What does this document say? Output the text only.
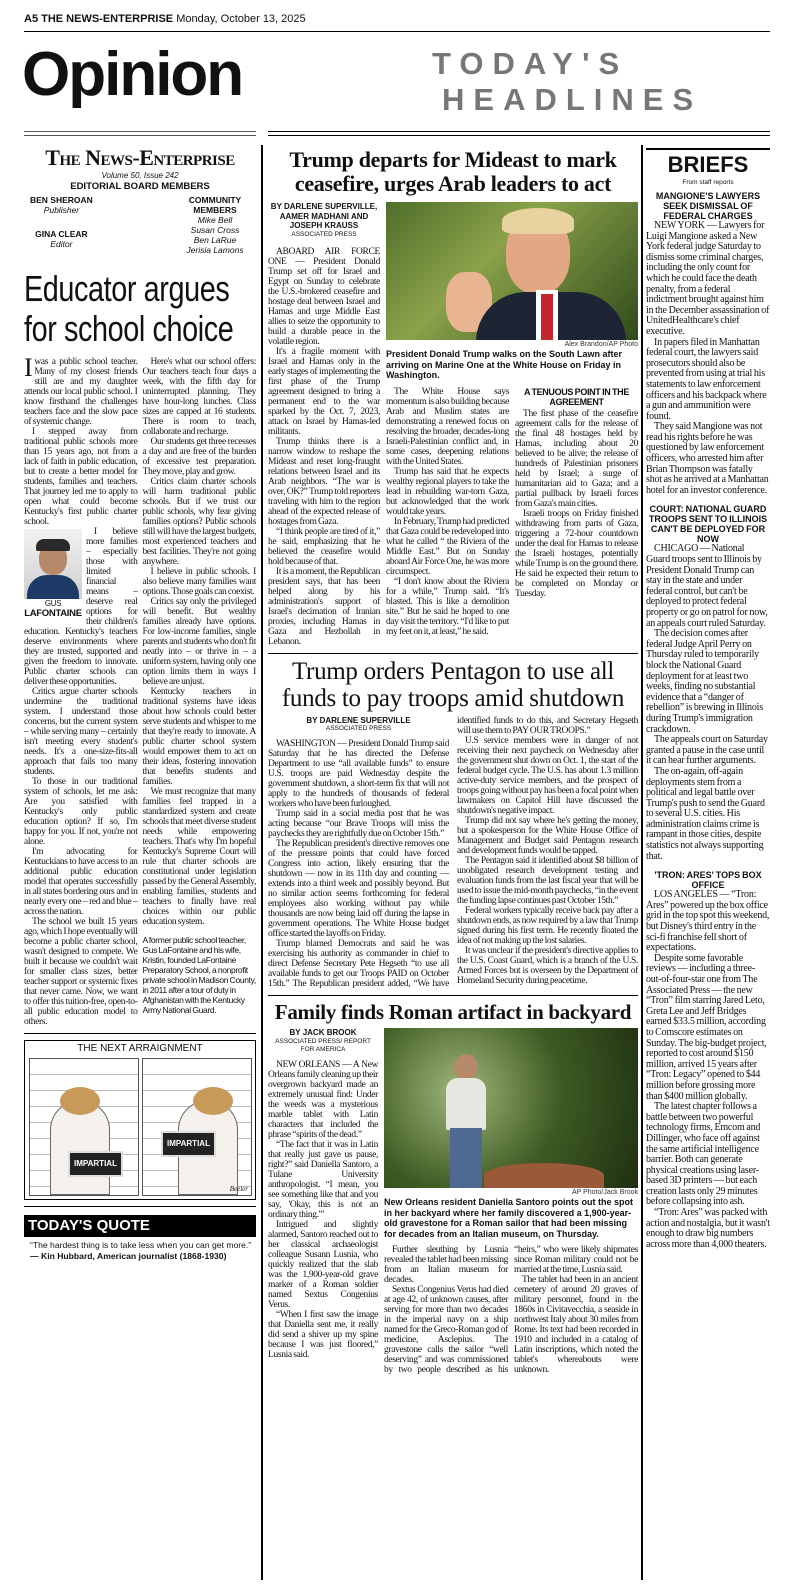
A5 THE NEWS-ENTERPRISE Monday, October 13, 2025
Opinion	TODAY'S
HEADLINES
The News-Enterprise
Volume 50, Issue 242
EDITORIAL BOARD MEMBERS
BEN SHEROAN
Publisher
GINA CLEAR
Editor
COMMUNITY MEMBERS
Mike Bell
Susan Cross
Ben LaRue
Jerisia Lamons
Educator argues for school choice

Iwas a public school teacher. Many of my closest friends still are and my daughter attends our local public school. I know firsthand the challenges teachers face and the slow pace of systemic change.

I stepped away from traditional public schools more than 15 years ago, not from a lack of faith in public education, but to create a better model for students, families and teachers. That journey led me to apply to open what could become Kentucky's first public charter school.

GUS
LAFONTAINE

I believe more families – especially those with limited financial means – deserve real options for their children's education. Kentucky's teachers deserve environments where they are trusted, supported and given the freedom to innovate. Public charter schools can deliver these opportunities.

Critics argue charter schools undermine the traditional system. I understand those concerns, but the current system – while serving many – certainly isn't meeting every student's needs. It's a one-size-fits-all approach that fails too many students.

To those in our traditional system of schools, let me ask: Are you satisfied with Kentucky's only public education option? If so, I'm happy for you. If not, you're not alone.

I'm advocating for Kentuckians to have access to an additional public education model that operates successfully in all states bordering ours and in nearly every one – red and blue – across the nation.

The school we built 15 years ago, which I hope eventually will become a public charter school, wasn't designed to compete. We built it because we couldn't wait for smaller class sizes, better teacher support or systemic fixes that never came. Now, we want to offer this tuition-free, open-to-all public education model to others.

Here's what our school offers: Our teachers teach four days a week, with the fifth day for uninterrupted planning. They have hour-long lunches. Class sizes are capped at 16 students. There is room to teach, collaborate and recharge.

Our students get three recesses a day and are free of the burden of excessive test preparation. They move, play and grow.

Critics claim charter schools will harm traditional public schools. But if we trust our public schools, why fear giving families options? Public schools still will have the largest budgets, most experienced teachers and best facilities. They're not going anywhere.

I believe in public schools. I also believe many families want options. Those goals can coexist.

Critics say only the privileged will benefit. But wealthy families already have options. For low-income families, single parents and students who don't fit neatly into – or thrive in – a uniform system, having only one option limits them in ways I believe are unjust.

Kentucky teachers in traditional systems have ideas about how schools could better serve students and whisper to me that they're ready to innovate. A public charter school system would empower them to act on their ideas, fostering innovation that benefits students and families.

We must recognize that many families feel trapped in a standardized system and create schools that meet diverse student needs while empowering teachers. That's why I'm hopeful Kentucky's Supreme Court will rule that charter schools are constitutional under legislation passed by the General Assembly, enabling families, students and teachers to finally have real choices within our public education system.

A former public school teacher, Gus LaFontaine and his wife, Kristin, founded LaFontaine Preparatory School, a nonprofit private school in Madison County, in 2011 after a tour of duty in Afghanistan with the Kentucky Army National Guard.

THE NEXT ARRAIGNMENT
IMPARTIAL
IMPARTIAL
Beeler
TODAY'S QUOTE
“The hardest thing is to take less when you can get more.”
— Kin Hubbard, American journalist (1868-1930)
Trump departs for Mideast to mark ceasefire, urges Arab leaders to act
BY DARLENE SUPERVILLE, AAMER MADHANI AND JOSEPH KRAUSS
ASSOCIATED PRESS

ABOARD AIR FORCE ONE — President Donald Trump set off for Israel and Egypt on Sunday to celebrate the U.S.-brokered ceasefire and hostage deal between Israel and Hamas and urge Middle East allies to seize the opportunity to build a durable peace in the volatile region.

It's a fragile moment with Israel and Hamas only in the early stages of implementing the first phase of the Trump agreement designed to bring a permanent end to the war sparked by the Oct. 7, 2023, attack on Israel by Hamas-led militants.

Trump thinks there is a narrow window to reshape the Mideast and reset long-fraught relations between Israel and its Arab neighbors. “The war is over, OK?” Trump told reporters traveling with him to the region ahead of the expected release of hostages from Gaza.

“I think people are tired of it,” he said, emphasizing that he believed the ceasefire would hold because of that.

It is a moment, the Republican president says, that has been helped along by his administration's support of Israel's decimation of Iranian proxies, including Hamas in Gaza and Hezbollah in Lebanon.

Alex Brandon/AP Photo
President Donald Trump walks on the South Lawn after arriving on Marine One at the White House on Friday in Washington.

The White House says momentum is also building because Arab and Muslim states are demonstrating a renewed focus on resolving the broader, decades-long Israeli-Palestinian conflict and, in some cases, deepening relations with the United States.

Trump has said that he expects wealthy regional players to take the lead in rebuilding war-torn Gaza, but acknowledged that the work would take years.

In February, Trump had predicted that Gaza could be redeveloped into what he called “ the Riviera of the Middle East.” But on Sunday aboard Air Force One, he was more circumspect.

“I don't know about the Riviera for a while,” Trump said. “It's blasted. This is like a demolition site.” But he said he hoped to one day visit the territory. “I'd like to put my feet on it, at least,” he said.

A TENUOUS POINT IN THE AGREEMENT

The first phase of the ceasefire agreement calls for the release of the final 48 hostages held by Hamas, including about 20 believed to be alive; the release of hundreds of Palestinian prisoners held by Israel; a surge of humanitarian aid to Gaza; and a partial pullback by Israeli forces from Gaza's main cities.

Israeli troops on Friday finished withdrawing from parts of Gaza, triggering a 72-hour countdown under the deal for Hamas to release the Israeli hostages, potentially while Trump is on the ground there. He said he expected their return to be completed on Monday or Tuesday.

Trump orders Pentagon to use all funds to pay troops amid shutdown
BY DARLENE SUPERVILLE
ASSOCIATED PRESS

WASHINGTON — President Donald Trump said Saturday that he has directed the Defense Department to use “all available funds” to ensure U.S. troops are paid Wednesday despite the government shutdown, a short-term fix that will not apply to the hundreds of thousands of federal workers who have been furloughed.

Trump said in a social media post that he was acting because “our Brave Troops will miss the paychecks they are rightfully due on October 15th.”

The Republican president's directive removes one of the pressure points that could have forced Congress into action, likely ensuring that the shutdown — now in its 11th day and counting — extends into a third week and possibly beyond. But no similar action seems forthcoming for federal employees also working without pay while thousands are now being laid off during the lapse in government operations. The White House budget office started the layoffs on Friday.

Trump blamed Democrats and said he was exercising his authority as commander in chief to direct Defense Secretary Pete Hegseth “to use all available funds to get our Troops PAID on October 15th.” The Republican president added, “We have identified funds to do this, and Secretary Hegseth will use them to PAY OUR TROOPS.”

U.S service members were in danger of not receiving their next paycheck on Wednesday after the government shut down on Oct. 1, the start of the federal budget cycle. The U.S. has about 1.3 million active-duty service members, and the prospect of troops going without pay has been a focal point when lawmakers on Capitol Hill have discussed the shutdown's negative impact.

Trump did not say where he's getting the money, but a spokesperson for the White House Office of Management and Budget said Pentagon research and development funds would be tapped.

The Pentagon said it identified about $8 billion of unobligated research development testing and evaluation funds from the last fiscal year that will be used to issue the mid-month paychecks, “in the event the funding lapse continues past October 15th.”

Federal workers typically receive back pay after a shutdown ends, as now required by a law that Trump signed during his first term. He recently floated the idea of not making up the lost salaries.

It was unclear if the president's directive applies to the U.S. Coast Guard, which is a branch of the U.S. Armed Forces but is overseen by the Department of Homeland Security during peacetime.

Family finds Roman artifact in backyard
BY JACK BROOK
ASSOCIATED PRESS/ REPORT FOR AMERICA

NEW ORLEANS — A New Orleans family cleaning up their overgrown backyard made an extremely unusual find: Under the weeds was a mysterious marble tablet with Latin characters that included the phrase “spirits of the dead.”

“The fact that it was in Latin that really just gave us pause, right?” said Daniella Santoro, a Tulane University anthropologist. “I mean, you see something like that and you say, 'Okay, this is not an ordinary thing.'”

Intrigued and slightly alarmed, Santoro reached out to her classical archaeologist colleague Susann Lusnia, who quickly realized that the slab was the 1,900-year-old grave marker of a Roman soldier named Sextus Congenius Verus.

“When I first saw the image that Daniella sent me, it really did send a shiver up my spine because I was just floored,” Lusnia said.

AP Photo/Jack Brook
New Orleans resident Daniella Santoro points out the spot in her backyard where her family discovered a 1,900-year-old gravestone for a Roman sailor that had been missing for decades from an Italian museum, on Thursday.

Further sleuthing by Lusnia revealed the tablet had been missing from an Italian museum for decades.

Sextus Congenius Verus had died at age 42, of unknown causes, after serving for more than two decades in the imperial navy on a ship named for the Greco-Roman god of medicine, Asclepius. The gravestone calls the sailor “well deserving” and was commissioned by two people described as his “heirs,” who were likely shipmates since Roman military could not be married at the time, Lusnia said.

The tablet had been in an ancient cemetery of around 20 graves of military personnel, found in the 1860s in Civitavecchia, a seaside in northwest Italy about 30 miles from Rome. Its text had been recorded in 1910 and included in a catalog of Latin inscriptions, which noted the tablet's whereabouts were unknown.

BRIEFS
From staff reports
MANGIONE'S LAWYERS SEEK DISMISSAL OF FEDERAL CHARGES

NEW YORK — Lawyers for Luigi Mangione asked a New York federal judge Saturday to dismiss some criminal charges, including the only count for which he could face the death penalty, from a federal indictment brought against him in the December assassination of UnitedHealthcare's chief executive.

In papers filed in Manhattan federal court, the lawyers said prosecutors should also be prevented from using at trial his statements to law enforcement officers and his backpack where a gun and ammunition were found.

They said Mangione was not read his rights before he was questioned by law enforcement officers, who arrested him after Brian Thompson was fatally shot as he arrived at a Manhattan hotel for an investor conference.

COURT: NATIONAL GUARD TROOPS SENT TO ILLINOIS CAN'T BE DEPLOYED FOR NOW

CHICAGO — National Guard troops sent to Illinois by President Donald Trump can stay in the state and under federal control, but can't be deployed to protect federal property or go on patrol for now, an appeals court ruled Saturday.

The decision comes after federal Judge April Perry on Thursday ruled to temporarily block the National Guard deployment for at least two weeks, finding no substantial evidence that a “danger of rebellion” is brewing in Illinois during Trump's immigration crackdown.

The appeals court on Saturday granted a pause in the case until it can hear further arguments.

The on-again, off-again deployments stem from a political and legal battle over Trump's push to send the Guard to several U.S. cities. His administration claims crime is rampant in those cities, despite statistics not always supporting that.

'TRON: ARES' TOPS BOX OFFICE

LOS ANGELES — “Tron: Ares” powered up the box office grid in the top spot this weekend, but Disney's third entry in the sci-fi franchise fell short of expectations.

Despite some favorable reviews — including a three-out-of-four-star one from The Associated Press — the new “Tron” film starring Jared Leto, Greta Lee and Jeff Bridges earned $33.5 million, according to Comscore estimates on Sunday. The big-budget project, reported to cost around $150 million, arrived 15 years after “Tron: Legacy” opened to $44 million before grossing more than $400 million globally.

The latest chapter follows a battle between two powerful technology firms, Emcom and Dillinger, who face off against the same artificial intelligence barrier. Both can generate physical creations using laser-based 3D printers — but each creation lasts only 29 minutes before collapsing into ash.

“Tron: Ares” was packed with action and nostalgia, but it wasn't enough to draw big numbers across more than 4,000 theaters.
